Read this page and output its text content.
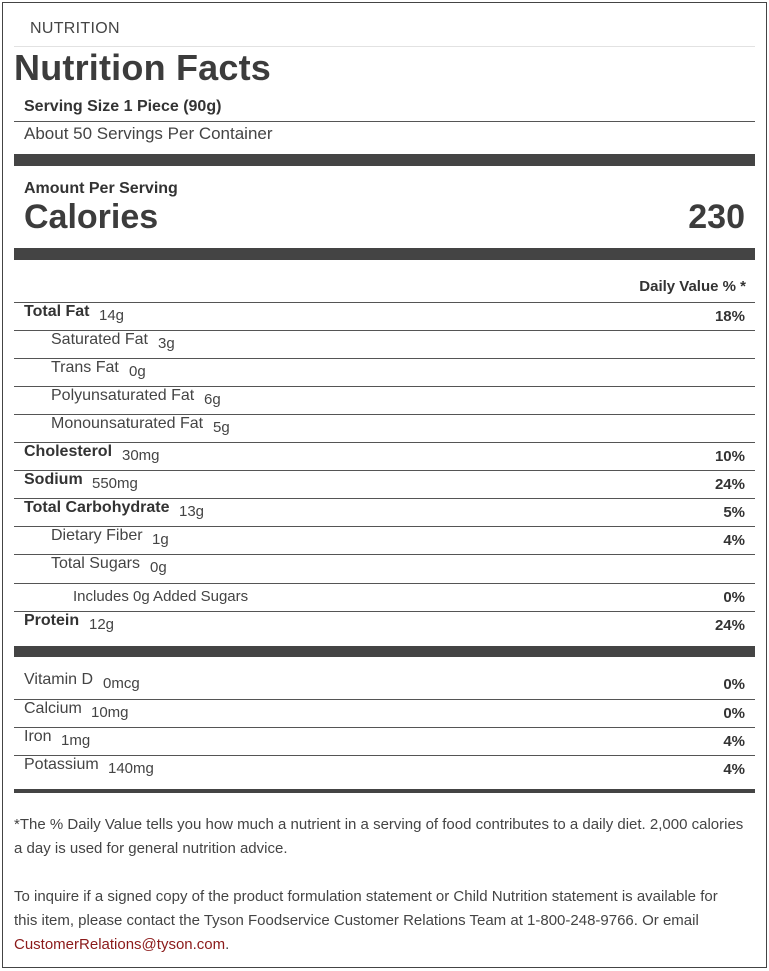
NUTRITION
Nutrition Facts
Serving Size 1 Piece (90g)
About 50 Servings Per Container
Amount Per Serving
Calories	230
Daily Value % *
Total Fat 14g	18%
Saturated Fat 3g
Trans Fat 0g
Polyunsaturated Fat 6g
Monounsaturated Fat 5g
Cholesterol 30mg	10%
Sodium 550mg	24%
Total Carbohydrate 13g	5%
Dietary Fiber 1g	4%
Total Sugars 0g
Includes 0g Added Sugars	0%
Protein 12g	24%
Vitamin D 0mcg	0%
Calcium 10mg	0%
Iron 1mg	4%
Potassium 140mg	4%
*The % Daily Value tells you how much a nutrient in a serving of food contributes to a daily diet. 2,000 calories a day is used for general nutrition advice.
To inquire if a signed copy of the product formulation statement or Child Nutrition statement is available for this item, please contact the Tyson Foodservice Customer Relations Team at 1-800-248-9766. Or email CustomerRelations@tyson.com.
